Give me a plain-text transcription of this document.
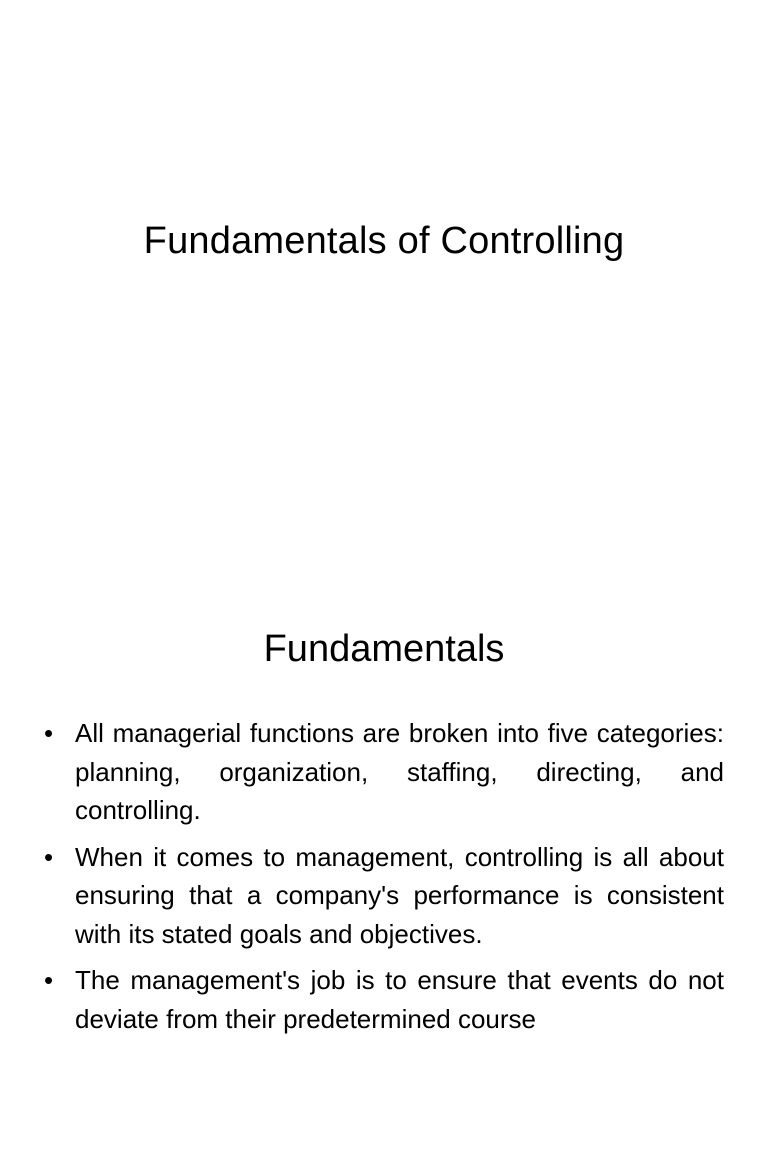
Fundamentals of Controlling
Fundamentals
• All managerial functions are broken into five categories: planning, organization, staffing, directing, and controlling.
• When it comes to management, controlling is all about ensuring that a company's performance is consistent with its stated goals and objectives.
• The management's job is to ensure that events do not deviate from their predetermined course
